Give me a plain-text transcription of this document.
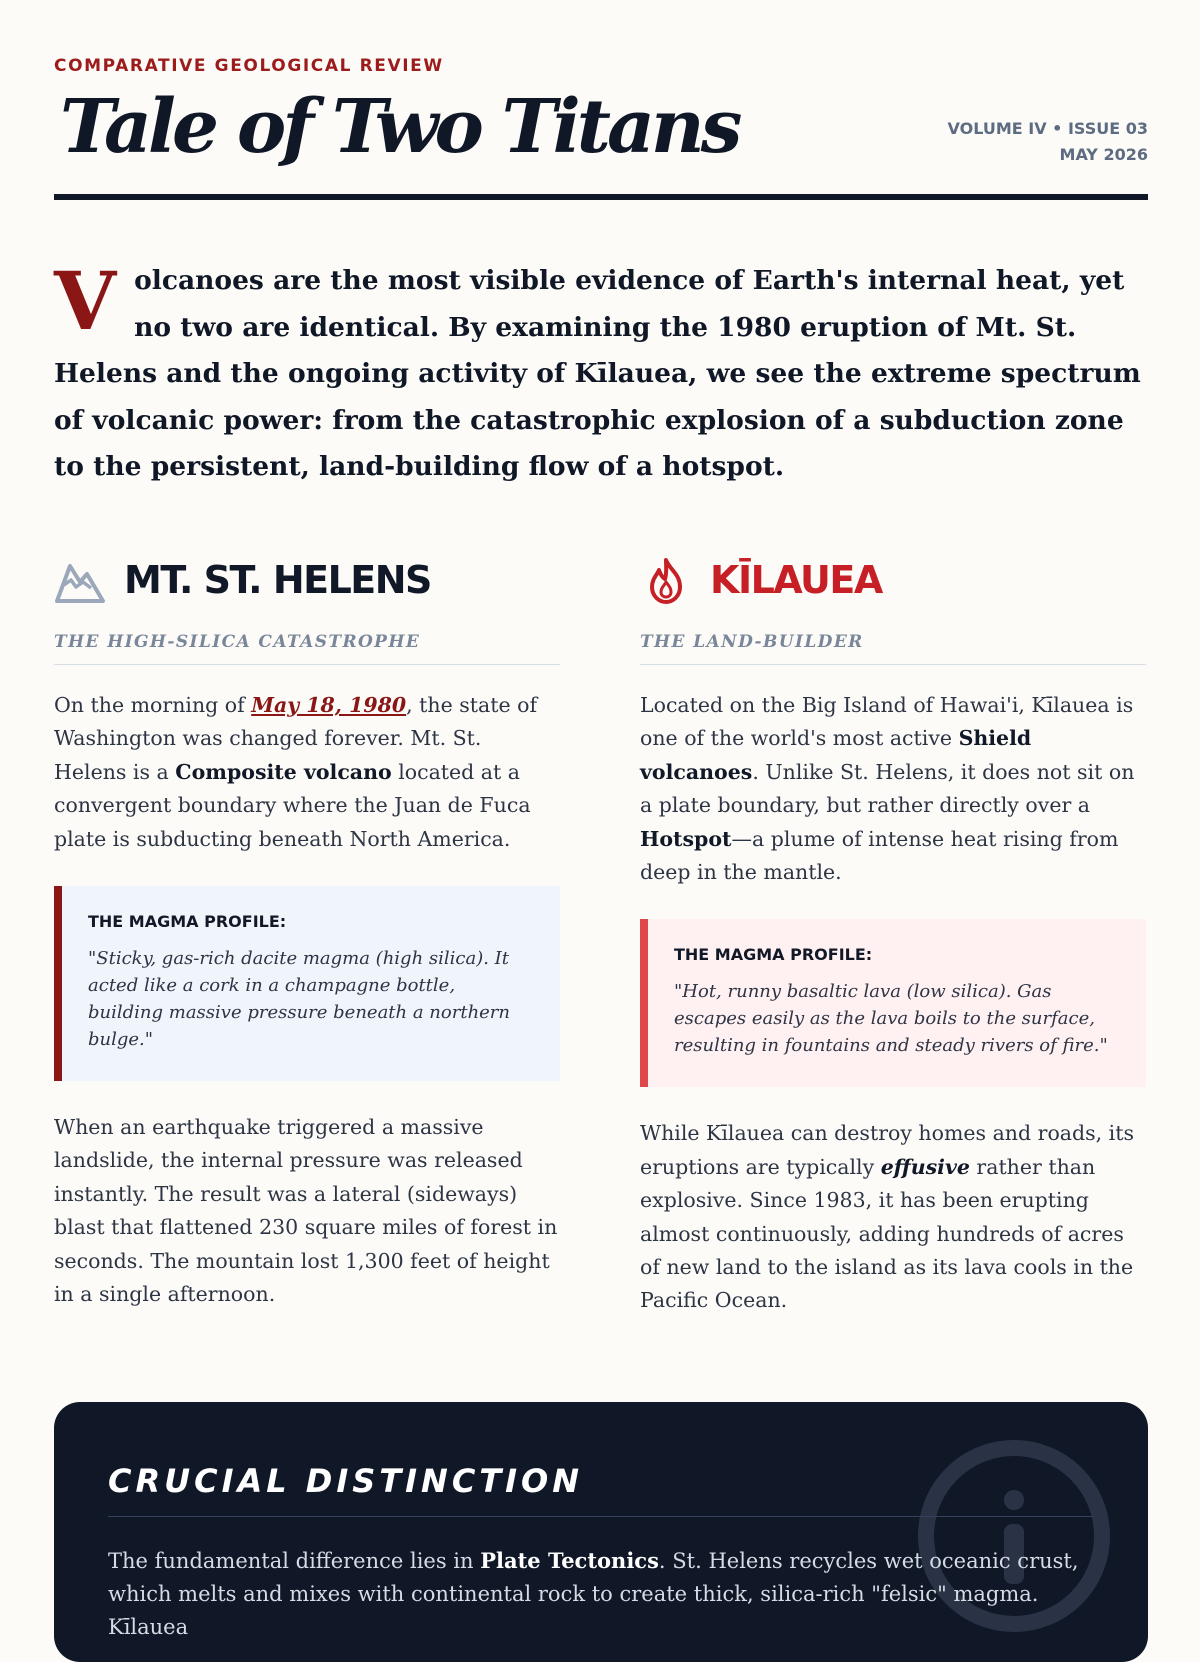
COMPARATIVE GEOLOGICAL REVIEW
Tale of Two Titans	VOLUME IV • ISSUE 03
MAY 2026
V olcanoes are the most visible evidence of Earth's internal heat, yet no two are identical. By examining the 1980 eruption of Mt. St. Helens and the ongoing activity of Kīlauea, we see the extreme spectrum of volcanic power: from the catastrophic explosion of a subduction zone to the persistent, land-building flow of a hotspot.
MT. ST. HELENS
THE HIGH-SILICA CATASTROPHE

On the morning of May 18, 1980, the state of Washington was changed forever. Mt. St. Helens is a Composite volcano located at a convergent boundary where the Juan de Fuca plate is subducting beneath North America.

THE MAGMA PROFILE:
"Sticky, gas-rich dacite magma (high silica). It acted like a cork in a champagne bottle, building massive pressure beneath a northern bulge."

When an earthquake triggered a massive landslide, the internal pressure was released instantly. The result was a lateral (sideways) blast that flattened 230 square miles of forest in seconds. The mountain lost 1,300 feet of height in a single afternoon.

KĪLAUEA
THE LAND-BUILDER

Located on the Big Island of Hawai'i, Kīlauea is one of the world's most active Shield volcanoes. Unlike St. Helens, it does not sit on a plate boundary, but rather directly over a Hotspot—a plume of intense heat rising from deep in the mantle.

THE MAGMA PROFILE:
"Hot, runny basaltic lava (low silica). Gas escapes easily as the lava boils to the surface, resulting in fountains and steady rivers of fire."

While Kīlauea can destroy homes and roads, its eruptions are typically effusive rather than explosive. Since 1983, it has been erupting almost continuously, adding hundreds of acres of new land to the island as its lava cools in the Pacific Ocean.

CRUCIAL DISTINCTION
The fundamental difference lies in Plate Tectonics. St. Helens recycles wet oceanic crust, which melts and mixes with continental rock to create thick, silica-rich "felsic" magma. Kīlauea
